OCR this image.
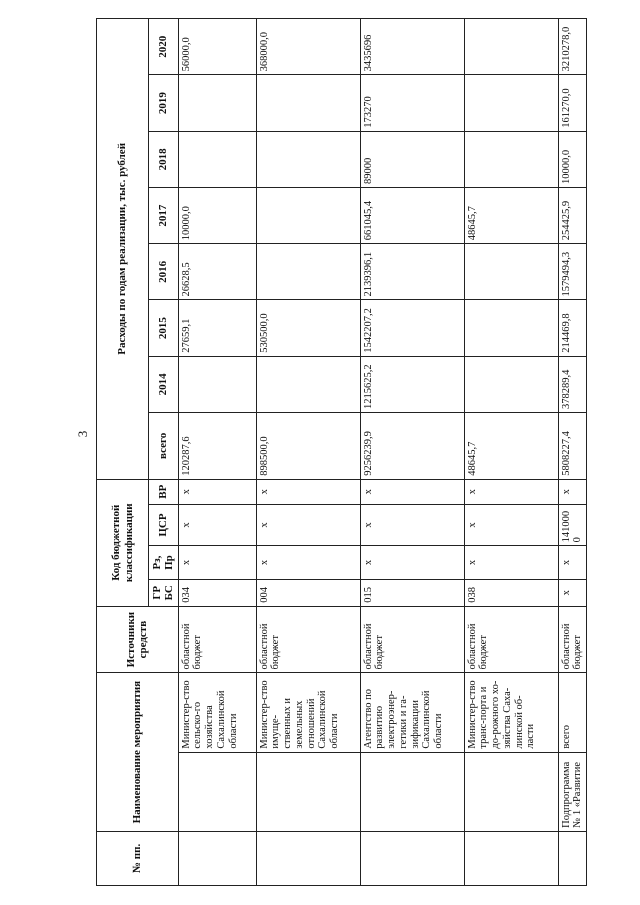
3
№ пп.	Наименование мероприятия		Источники средств	Код бюджетной классификации				Расходы по годам реализации, тыс. рублей							
				ГРБС	Рз, Пр	ЦСР	ВР	всего	2014	2015	2016	2017	2018	2019	2020
		Министер-ство сельско-го хозяйства Сахалинской области	областной бюджет	034	х	х	х	120287,6		27659,1	26628,5	10000,0			56000,0
		Министер-ство имуще-ственных и земельных отношений Сахалинской области	областной бюджет	004	х	х	х	898500,0		530500,0					368000,0
		Агентство по развитию электроэнер-гетики и га-зификации Сахалинской области	областной бюджет	015	х	х	х	9256239,9	1215625,2	1542207,2	2139396,1	661045,4	89000	173270	3435696
		Министер-ство транс-порта и до-рожного хо-зяйства Саха-линской об-ласти	областной бюджет	038	х	х	х	48645,7				48645,7			
	Подпрограмма № 1 «Развитие	всего	областной бюджет	х	х	1410000	х	5808227,4	378289,4	214469,8	1579494,3	254425,9	10000,0	161270,0	3210278,0
